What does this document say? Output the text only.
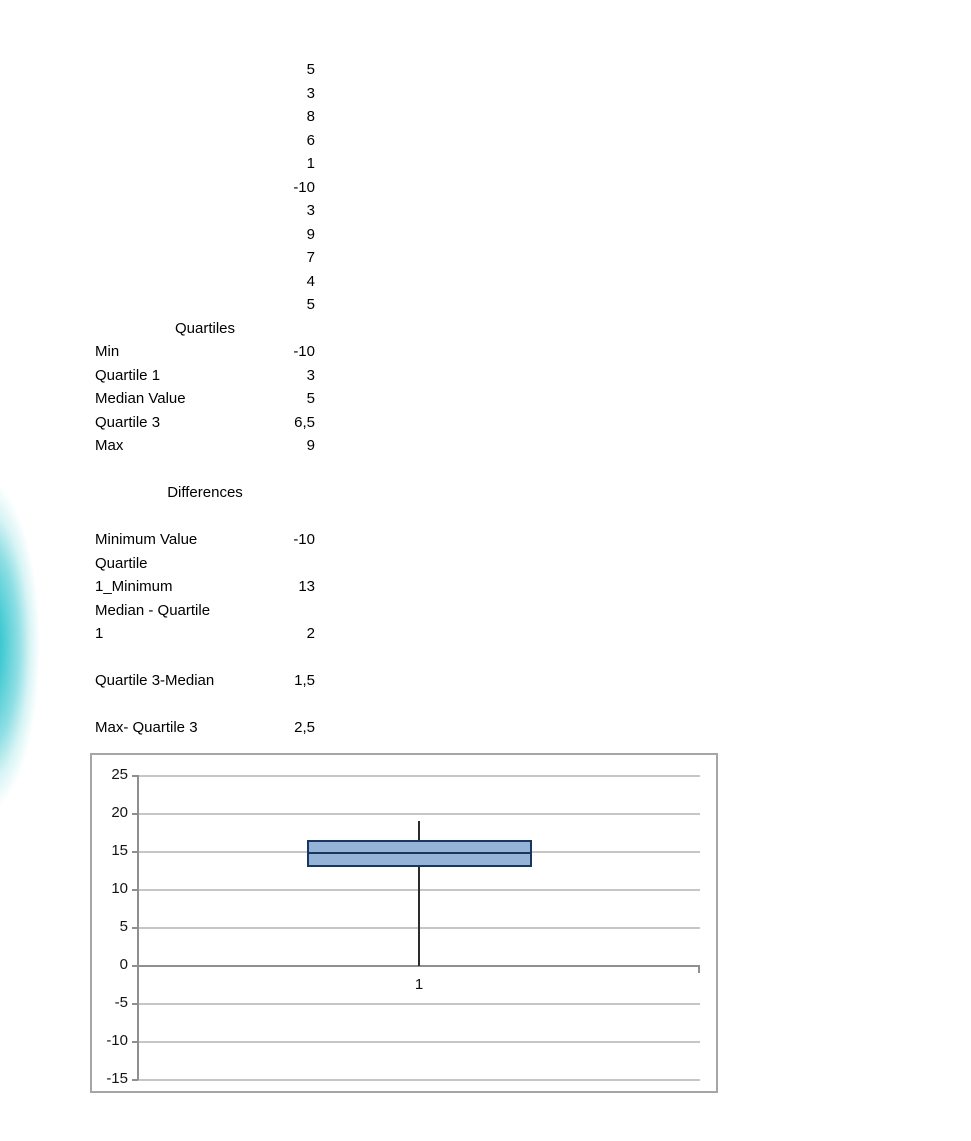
5
3
8
6
1
-10
3
9
7
4
5
Quartiles
Min	-10
Quartile 1	3
Median Value	5
Quartile 3	6,5
Max	9
Differences
Minimum Value	-10
Quartile
1_Minimum	13
Median - Quartile
1	2
Quartile 3-Median	1,5
Max- Quartile 3	2,5
25
20
15
10
5
0
-5
-10
-15
1
